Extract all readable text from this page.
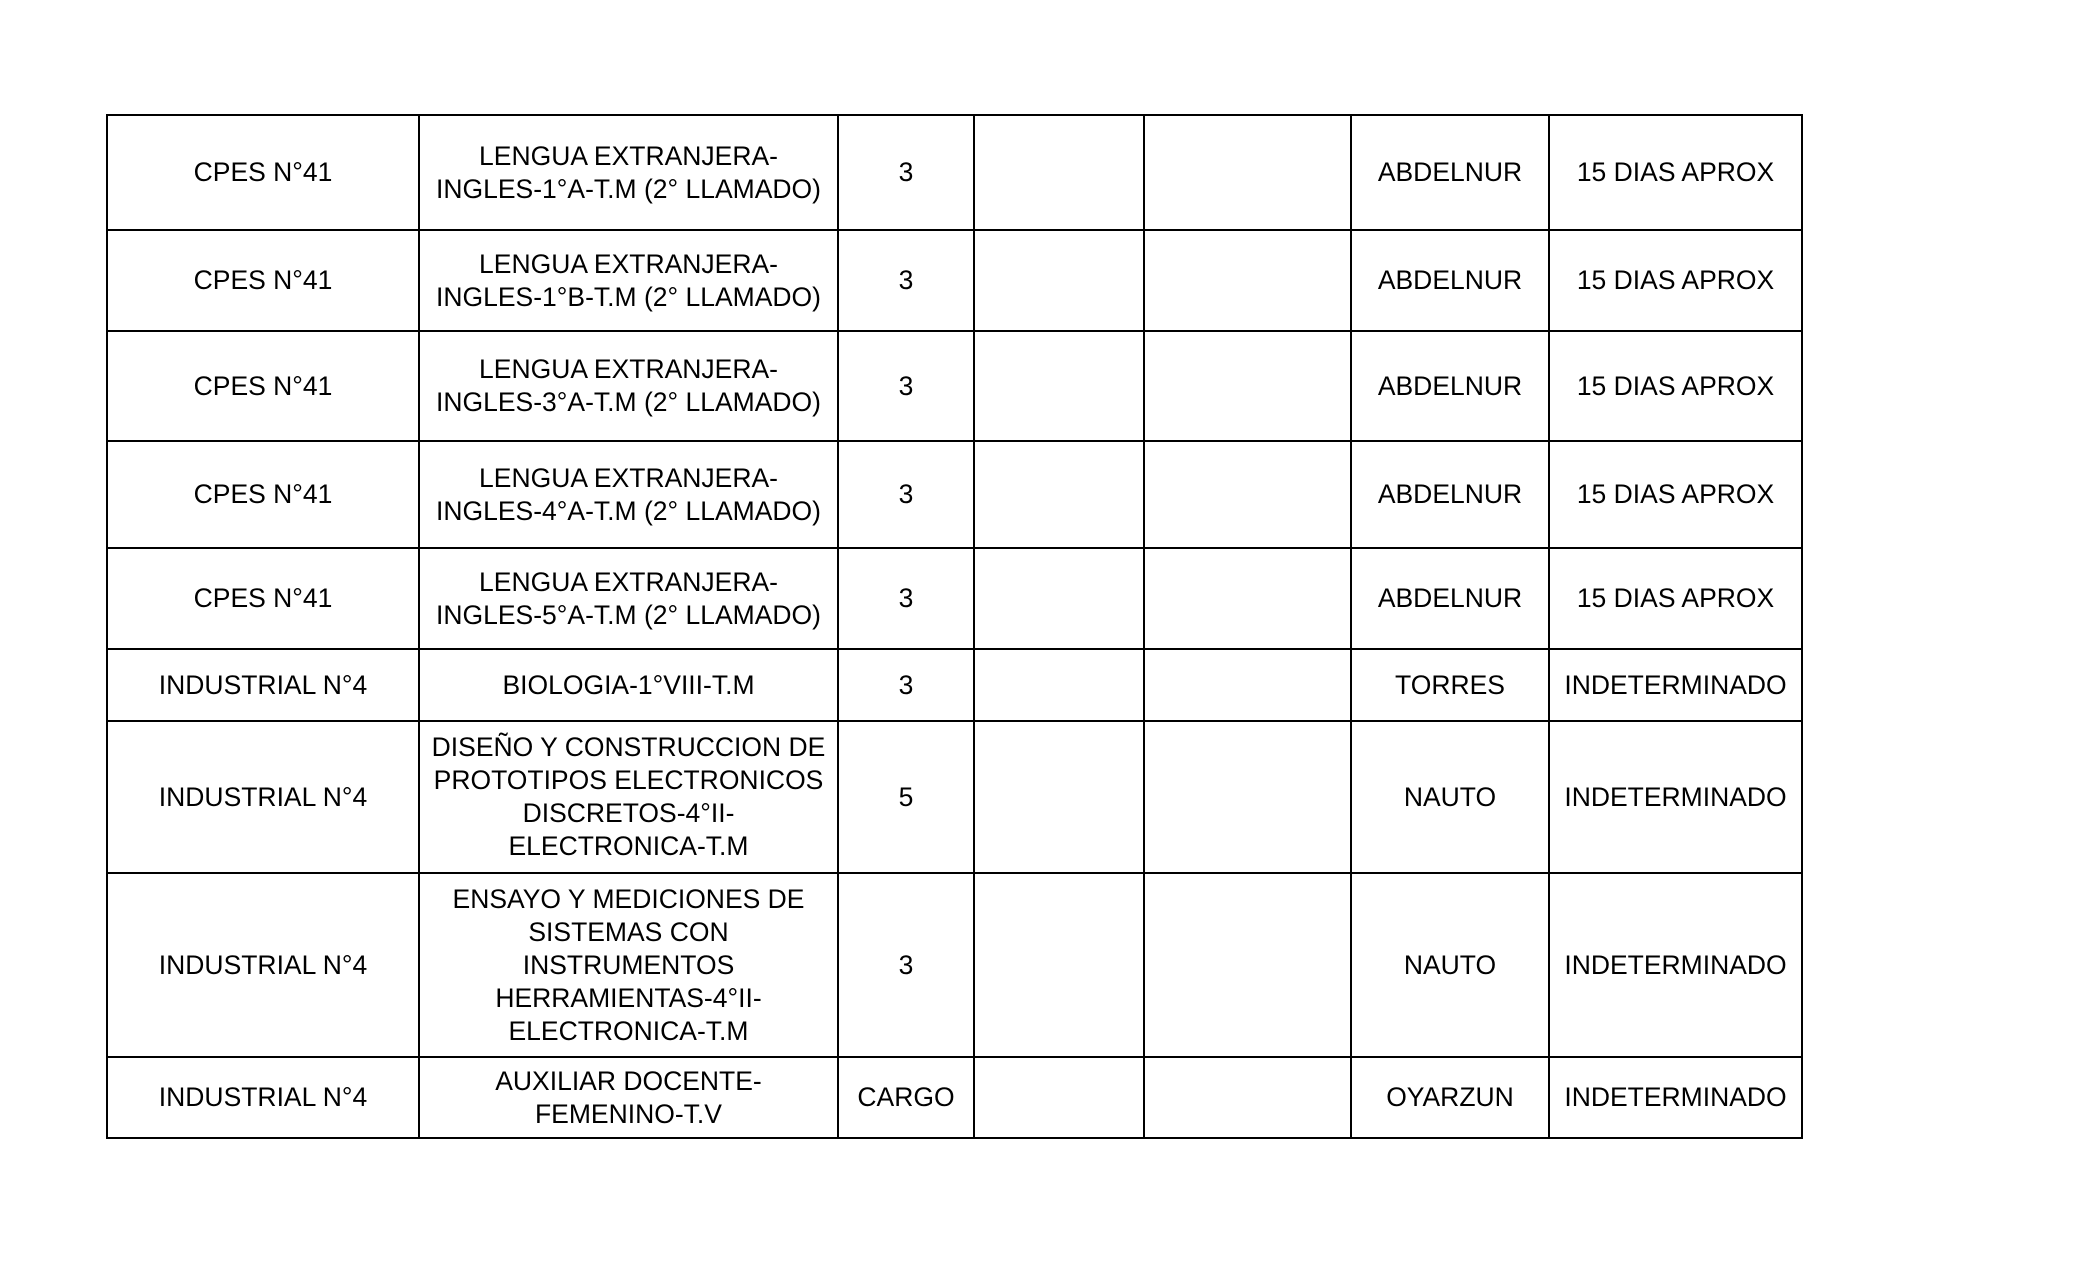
CPES N°41	LENGUA EXTRANJERA-
INGLES-1°A-T.M (2° LLAMADO)	3			ABDELNUR	15 DIAS APROX

CPES N°41	LENGUA EXTRANJERA-
INGLES-1°B-T.M (2° LLAMADO)	3			ABDELNUR	15 DIAS APROX

CPES N°41	LENGUA EXTRANJERA-
INGLES-3°A-T.M (2° LLAMADO)	3			ABDELNUR	15 DIAS APROX

CPES N°41	LENGUA EXTRANJERA-
INGLES-4°A-T.M (2° LLAMADO)	3			ABDELNUR	15 DIAS APROX

CPES N°41	LENGUA EXTRANJERA-
INGLES-5°A-T.M (2° LLAMADO)	3			ABDELNUR	15 DIAS APROX

INDUSTRIAL N°4	BIOLOGIA-1°VIII-T.M	3			TORRES	INDETERMINADO

INDUSTRIAL N°4	DISEÑO Y CONSTRUCCION DE
PROTOTIPOS ELECTRONICOS
DISCRETOS-4°II-
ELECTRONICA-T.M	5			NAUTO	INDETERMINADO

INDUSTRIAL N°4	ENSAYO Y MEDICIONES DE
SISTEMAS CON
INSTRUMENTOS
HERRAMIENTAS-4°II-
ELECTRONICA-T.M	3			NAUTO	INDETERMINADO

INDUSTRIAL N°4	AUXILIAR DOCENTE-
FEMENINO-T.V	CARGO			OYARZUN	INDETERMINADO
